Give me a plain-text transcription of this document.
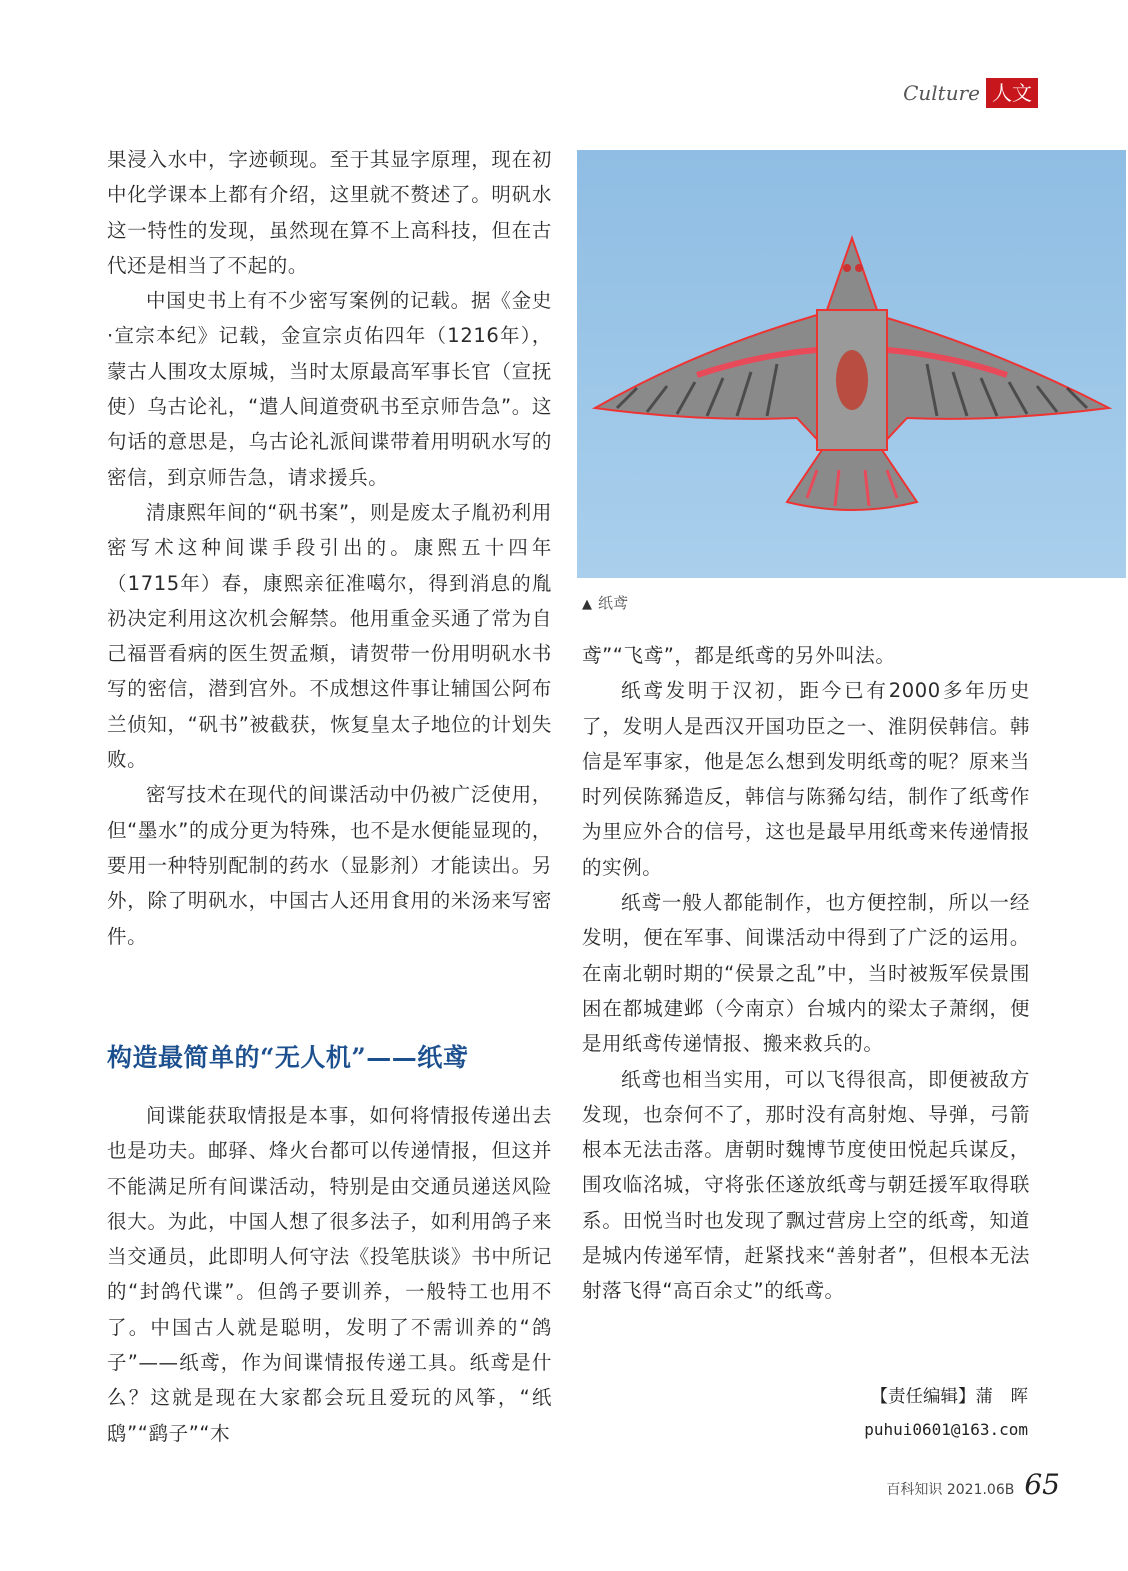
Culture 人文

果浸入水中，字迹顿现。至于其显字原理，现在初中化学课本上都有介绍，这里就不赘述了。明矾水这一特性的发现，虽然现在算不上高科技，但在古代还是相当了不起的。

中国史书上有不少密写案例的记载。据《金史·宣宗本纪》记载，金宣宗贞佑四年（1216年），蒙古人围攻太原城，当时太原最高军事长官（宣抚使）乌古论礼，“遣人间道赍矾书至京师告急”。这句话的意思是，乌古论礼派间谍带着用明矾水写的密信，到京师告急，请求援兵。

清康熙年间的“矾书案”，则是废太子胤礽利用密写术这种间谍手段引出的。康熙五十四年（1715年）春，康熙亲征准噶尔，得到消息的胤礽决定利用这次机会解禁。他用重金买通了常为自己福晋看病的医生贺孟頫，请贺带一份用明矾水书写的密信，潜到宫外。不成想这件事让辅国公阿布兰侦知，“矾书”被截获，恢复皇太子地位的计划失败。

密写技术在现代的间谍活动中仍被广泛使用，但“墨水”的成分更为特殊，也不是水便能显现的，要用一种特别配制的药水（显影剂）才能读出。另外，除了明矾水，中国古人还用食用的米汤来写密件。

构造最简单的“无人机”——纸鸢

间谍能获取情报是本事，如何将情报传递出去也是功夫。邮驿、烽火台都可以传递情报，但这并不能满足所有间谍活动，特别是由交通员递送风险很大。为此，中国人想了很多法子，如利用鸽子来当交通员，此即明人何守法《投笔肤谈》书中所记的“封鸽代谍”。但鸽子要训养，一般特工也用不了。中国古人就是聪明，发明了不需训养的“鸽子”——纸鸢，作为间谍情报传递工具。纸鸢是什么？这就是现在大家都会玩且爱玩的风筝，“纸鸱”“鹞子”“木

▲ 纸鸢

鸢”“飞鸢”，都是纸鸢的另外叫法。

纸鸢发明于汉初，距今已有2000多年历史了，发明人是西汉开国功臣之一、淮阴侯韩信。韩信是军事家，他是怎么想到发明纸鸢的呢？原来当时列侯陈豨造反，韩信与陈豨勾结，制作了纸鸢作为里应外合的信号，这也是最早用纸鸢来传递情报的实例。

纸鸢一般人都能制作，也方便控制，所以一经发明，便在军事、间谍活动中得到了广泛的运用。在南北朝时期的“侯景之乱”中，当时被叛军侯景围困在都城建邺（今南京）台城内的梁太子萧纲，便是用纸鸢传递情报、搬来救兵的。

纸鸢也相当实用，可以飞得很高，即便被敌方发现，也奈何不了，那时没有高射炮、导弹，弓箭根本无法击落。唐朝时魏博节度使田悦起兵谋反，围攻临洺城，守将张伾遂放纸鸢与朝廷援军取得联系。田悦当时也发现了飘过营房上空的纸鸢，知道是城内传递军情，赶紧找来“善射者”，但根本无法射落飞得“高百余丈”的纸鸢。

【责任编辑】蒲　晖
puhui0601@163.com
百科知识 2021.06B 65
